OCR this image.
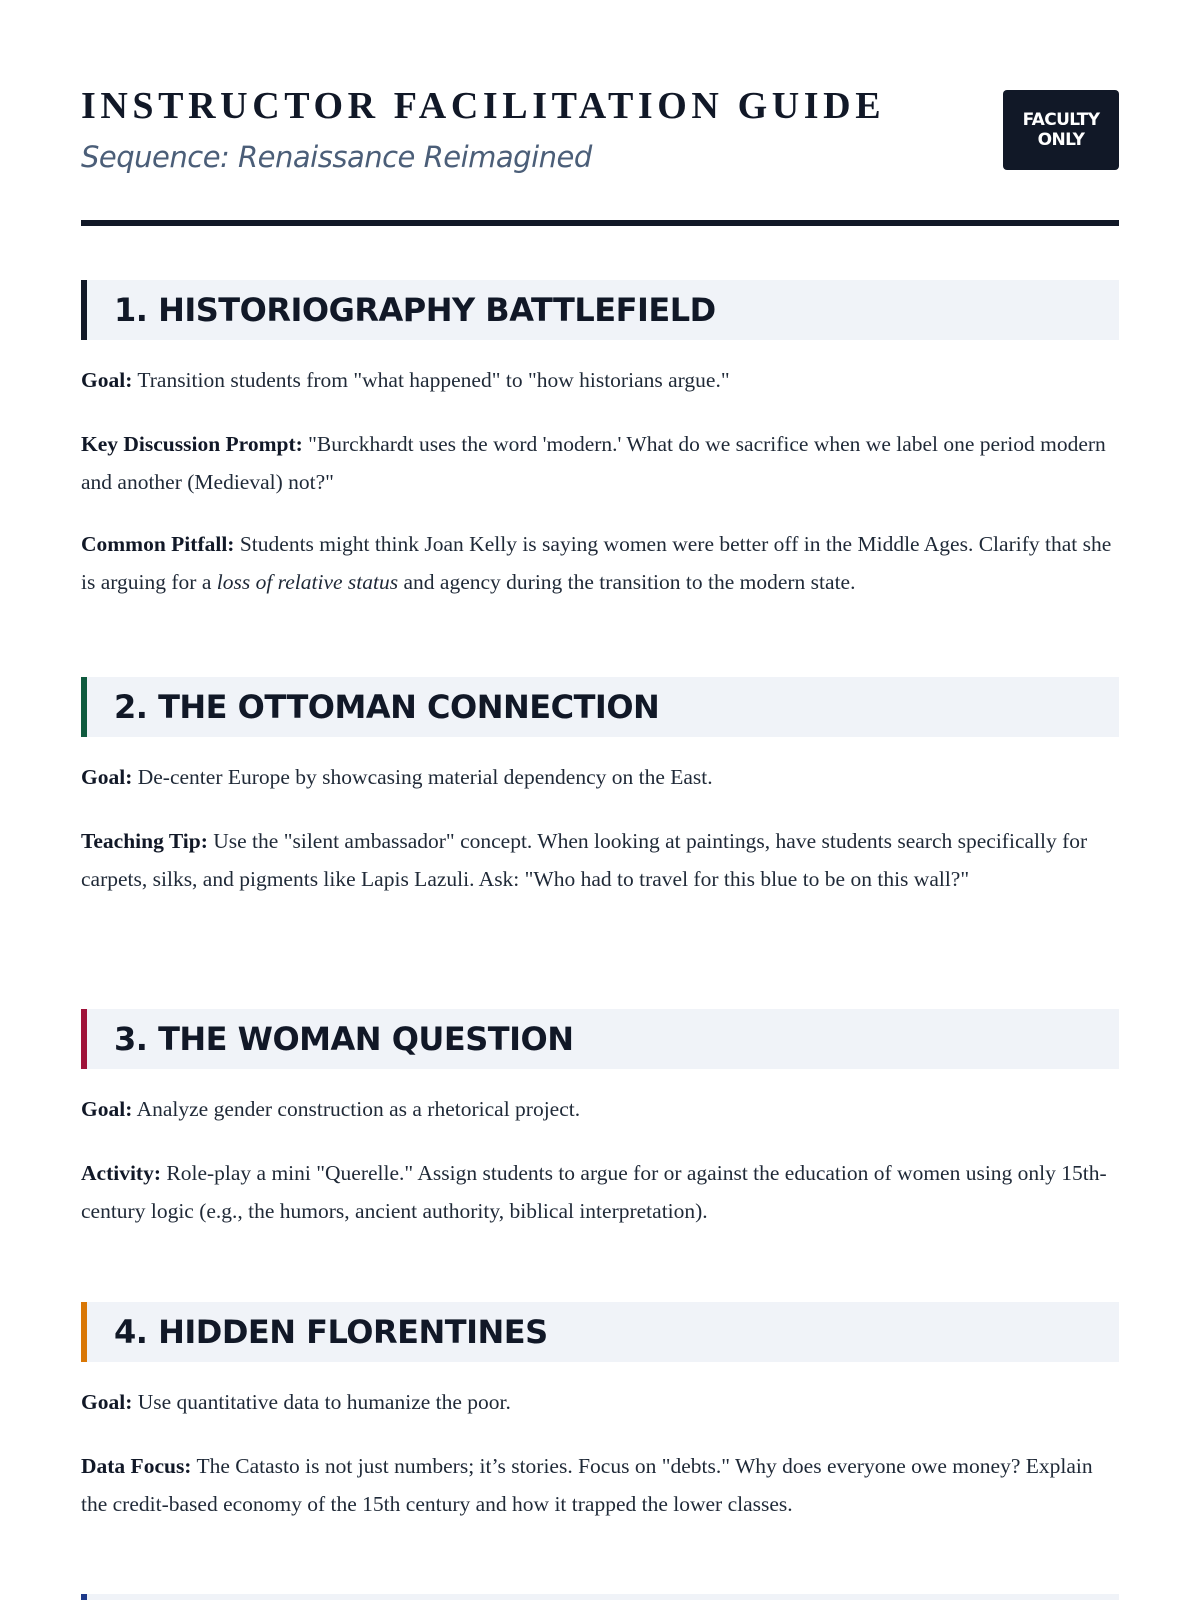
INSTRUCTOR FACILITATION GUIDE

Sequence: Renaissance Reimagined

FACULTY
ONLY
1. HISTORIOGRAPHY BATTLEFIELD

Goal: Transition students from "what happened" to "how historians argue."

Key Discussion Prompt: "Burckhardt uses the word 'modern.' What do we sacrifice when we label one period modern and another (Medieval) not?"

Common Pitfall: Students might think Joan Kelly is saying women were better off in the Middle Ages. Clarify that she is arguing for a loss of relative status and agency during the transition to the modern state.

2. THE OTTOMAN CONNECTION

Goal: De-center Europe by showcasing material dependency on the East.

Teaching Tip: Use the "silent ambassador" concept. When looking at paintings, have students search specifically for carpets, silks, and pigments like Lapis Lazuli. Ask: "Who had to travel for this blue to be on this wall?"

3. THE WOMAN QUESTION

Goal: Analyze gender construction as a rhetorical project.

Activity: Role-play a mini "Querelle." Assign students to argue for or against the education of women using only 15th-century logic (e.g., the humors, ancient authority, biblical interpretation).

4. HIDDEN FLORENTINES

Goal: Use quantitative data to humanize the poor.

Data Focus: The Catasto is not just numbers; it’s stories. Focus on "debts." Why does everyone owe money? Explain the credit-based economy of the 15th century and how it trapped the lower classes.
